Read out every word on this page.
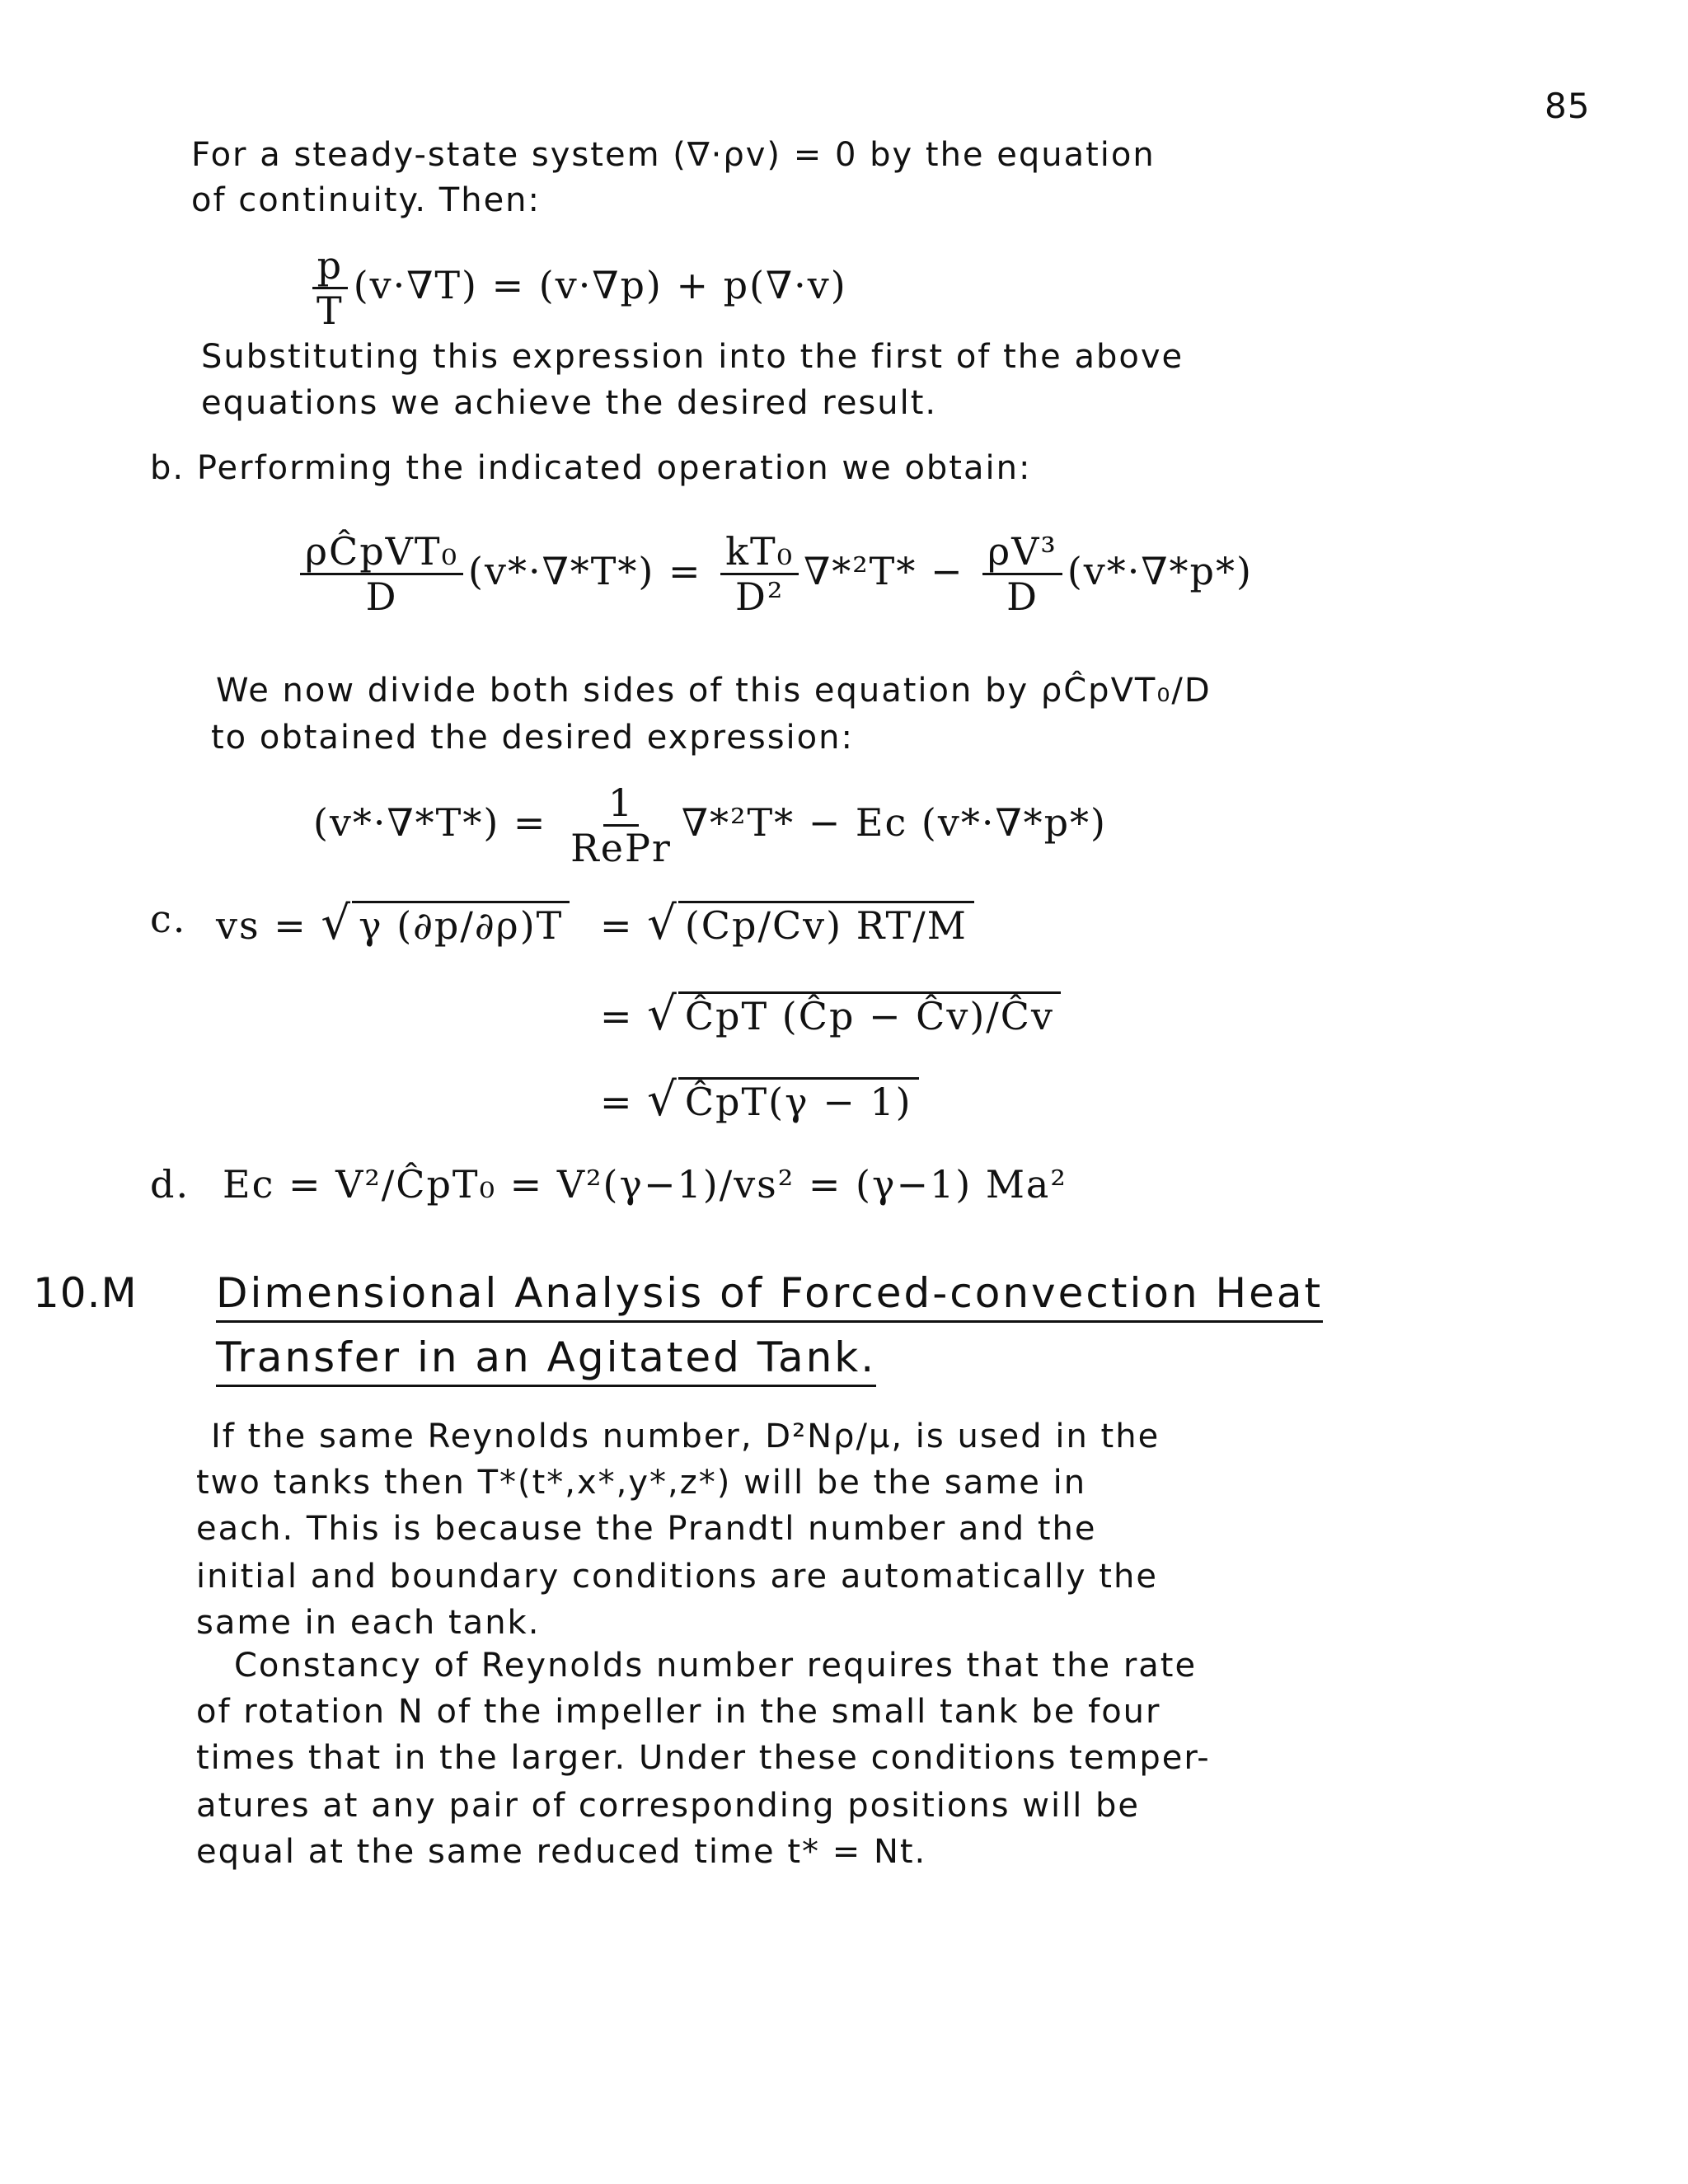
85
For a steady-state system (∇·ρv) = 0 by the equation
of continuity. Then:
$\frac{p}{T} (v\cdot\nabla T) = (v\cdot\nabla p) + p(\nabla\cdot v)$
Substituting this expression into the first of the above
equations we achieve the desired result.
b. Performing the indicated operation we obtain:
$\frac{\text{ρĈpVT₀}}{D} (v*\cdot\nabla*T*) = \frac{\text{kT₀}}{\text{D²}} \nabla*^2T* - \frac{\text{ρV³}}{D} (v*\cdot\nabla*p*)$
We now divide both sides of this equation by ρĈpVT₀/D
to obtained the desired expression:
$(v*\cdot\nabla*T*) = \frac{1}{\text{RePr}} \nabla*^2T* - Ec$ (v*·∇*p*)
c. vs = √ γ (∂p/∂ρ)T = √ (Cp/Cv) RT/M
= √ ĈpT (Ĉp − Ĉv)/Ĉv
= √ ĈpT(γ − 1)
d. Ec = V²/ĈpT₀ = V²(γ−1)/vs² = (γ−1) Ma²
10.M Dimensional Analysis of Forced-convection Heat
Transfer in an Agitated Tank.
If the same Reynolds number, D²Nρ/μ, is used in the
two tanks then T*(t*,x*,y*,z*) will be the same in
each. This is because the Prandtl number and the
initial and boundary conditions are automatically the
same in each tank.
Constancy of Reynolds number requires that the rate
of rotation N of the impeller in the small tank be four
times that in the larger. Under these conditions temper-
atures at any pair of corresponding positions will be
equal at the same reduced time t* = Nt.
